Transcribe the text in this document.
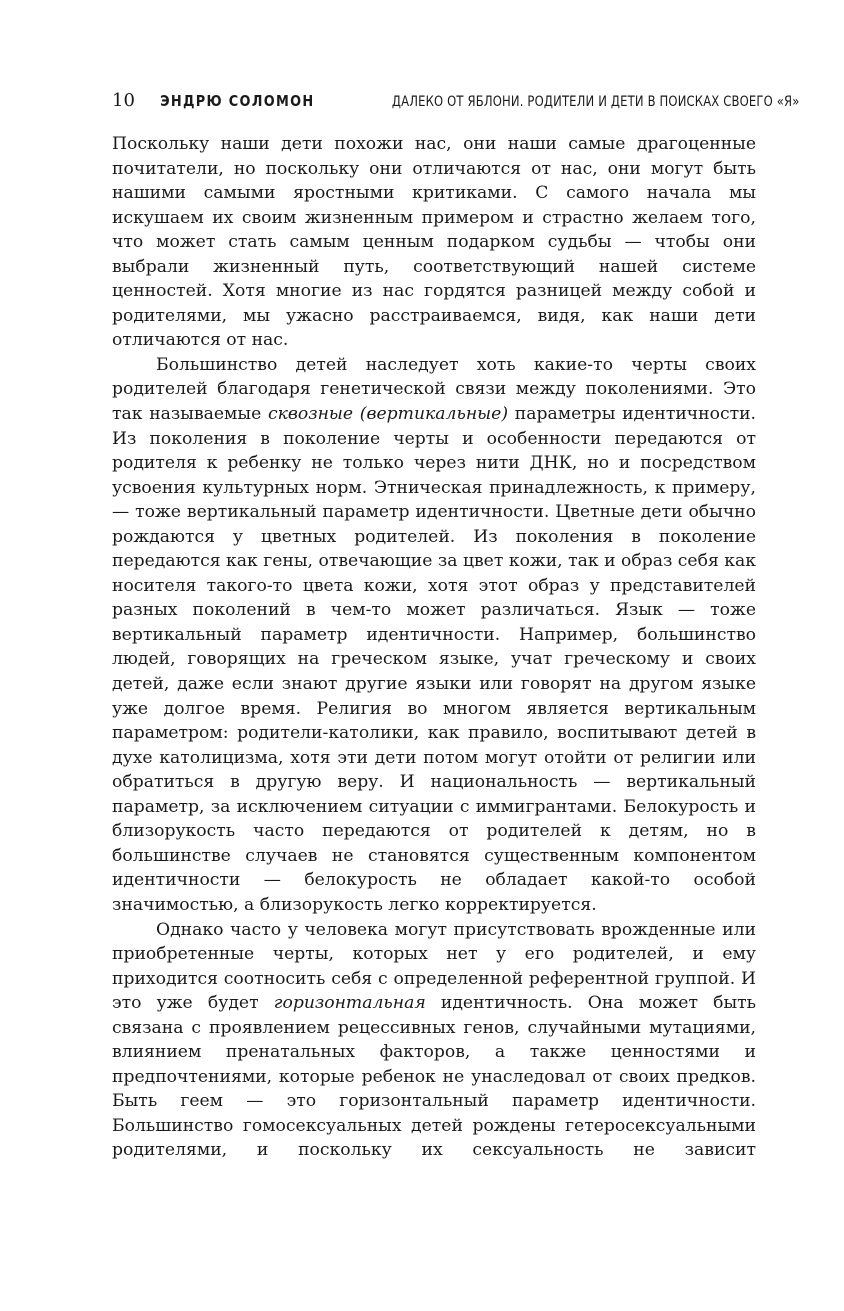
10 ЭНДРЮ СОЛОМОН	ДАЛЕКО ОТ ЯБЛОНИ. РОДИТЕЛИ И ДЕТИ В ПОИСКАХ СВОЕГО «Я»

Поскольку наши дети похожи нас, они наши самые драгоценные почитатели, но поскольку они отличаются от нас, они могут быть нашими самыми яростными критиками. С самого начала мы искушаем их своим жизненным примером и страстно желаем того, что может стать самым ценным подарком судьбы — чтобы они выбрали жизненный путь, соответствующий нашей системе ценностей. Хотя многие из нас гордятся разницей между собой и родителями, мы ужасно расстраиваемся, видя, как наши дети отличаются от нас.

Большинство детей наследует хоть какие-то черты своих родителей благодаря генетической связи между поколениями. Это так называемые сквозные (вертикальные) параметры идентичности. Из поколения в поколение черты и особенности передаются от родителя к ребенку не только через нити ДНК, но и посредством усвоения культурных норм. Этническая принадлежность, к примеру, — тоже вертикальный параметр идентичности. Цветные дети обычно рождаются у цветных родителей. Из поколения в поколение передаются как гены, отвечающие за цвет кожи, так и образ себя как носителя такого-то цвета кожи, хотя этот образ у представителей разных поколений в чем-то может различаться. Язык — тоже вертикальный параметр идентичности. Например, большинство людей, говорящих на греческом языке, учат греческому и своих детей, даже если знают другие языки или говорят на другом языке уже долгое время. Религия во многом является вертикальным параметром: родители-католики, как правило, воспитывают детей в духе католицизма, хотя эти дети потом могут отойти от религии или обратиться в другую веру. И национальность — вертикальный параметр, за исключением ситуации с иммигрантами. Белокурость и близорукость часто передаются от родителей к детям, но в большинстве случаев не становятся существенным компонентом идентичности — белокурость не обладает какой-то особой значимостью, а близорукость легко корректируется.

Однако часто у человека могут присутствовать врожденные или приобретенные черты, которых нет у его родителей, и ему приходится соотносить себя с определенной референтной группой. И это уже будет горизонтальная идентичность. Она может быть связана с проявлением рецессивных генов, случайными мутациями, влиянием пренатальных факторов, а также ценностями и предпочтениями, которые ребенок не унаследовал от своих предков. Быть геем — это горизонтальный параметр идентичности. Большинство гомосексуальных детей рождены гетеросексуальными родителями, и поскольку их сексуальность не зависит
